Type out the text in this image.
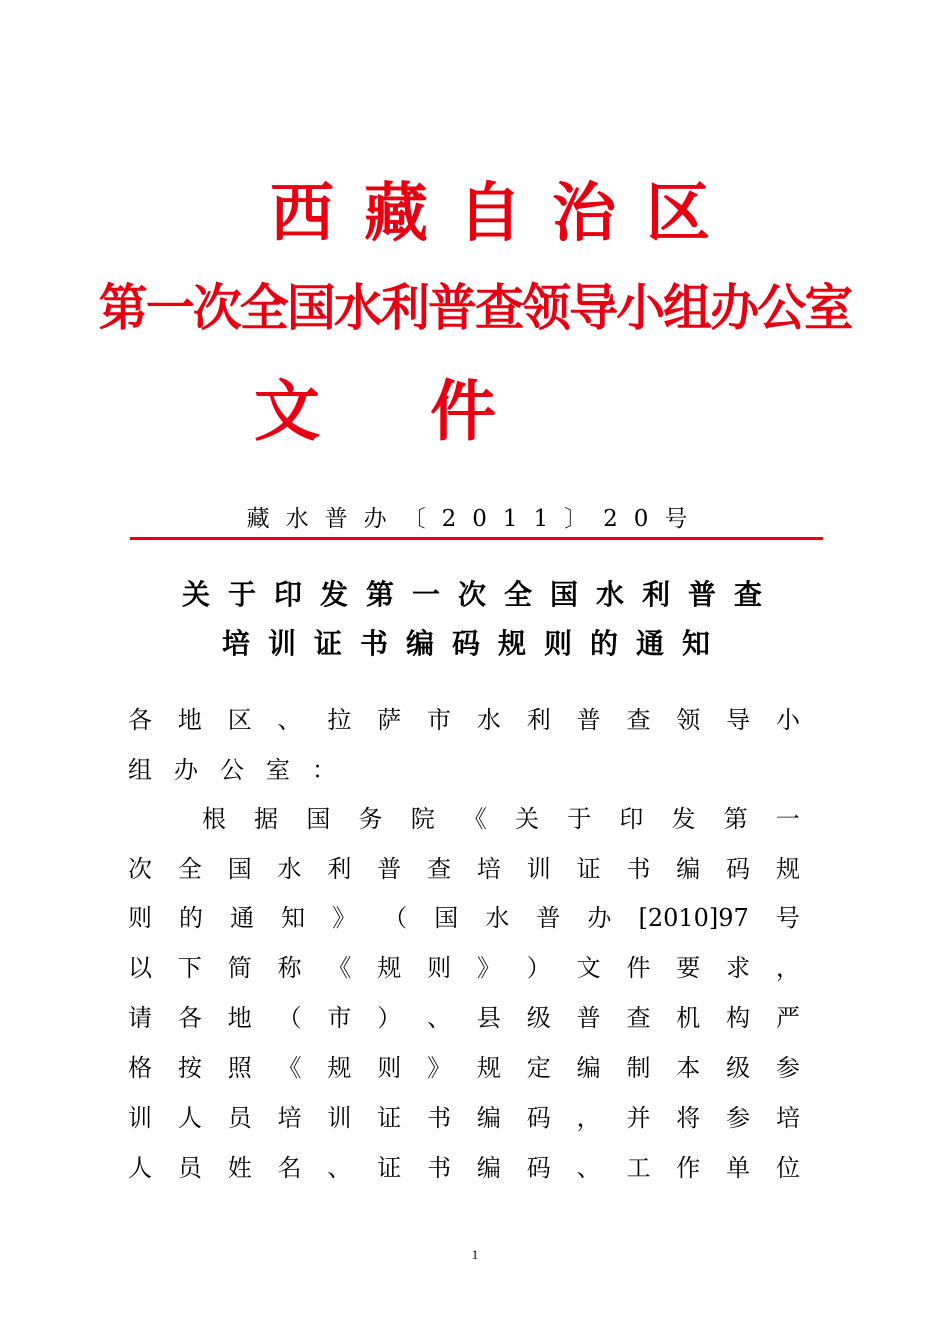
西藏自治区
第一次全国水利普查领导小组办公室
文件
藏水普办〔2011〕20号
关于印发第一次全国水利普查
培训证书编码规则的通知
各 地 区 、 拉 萨 市 水 利 普 查 领 导 小
组 办 公 室 ：
根 据 国 务 院 《 关 于 印 发 第 一
次 全 国 水 利 普 查 培 训 证 书 编 码 规
则 的 通 知 》 （ 国 水 普 办 [2010]97 号
以 下 简 称 《 规 则 》 ） 文 件 要 求 ，
请 各 地 （ 市 ） 、 县 级 普 查 机 构 严
格 按 照 《 规 则 》 规 定 编 制 本 级 参
训 人 员 培 训 证 书 编 码 ， 并 将 参 培
人 员 姓 名 、 证 书 编 码 、 工 作 单 位
1
